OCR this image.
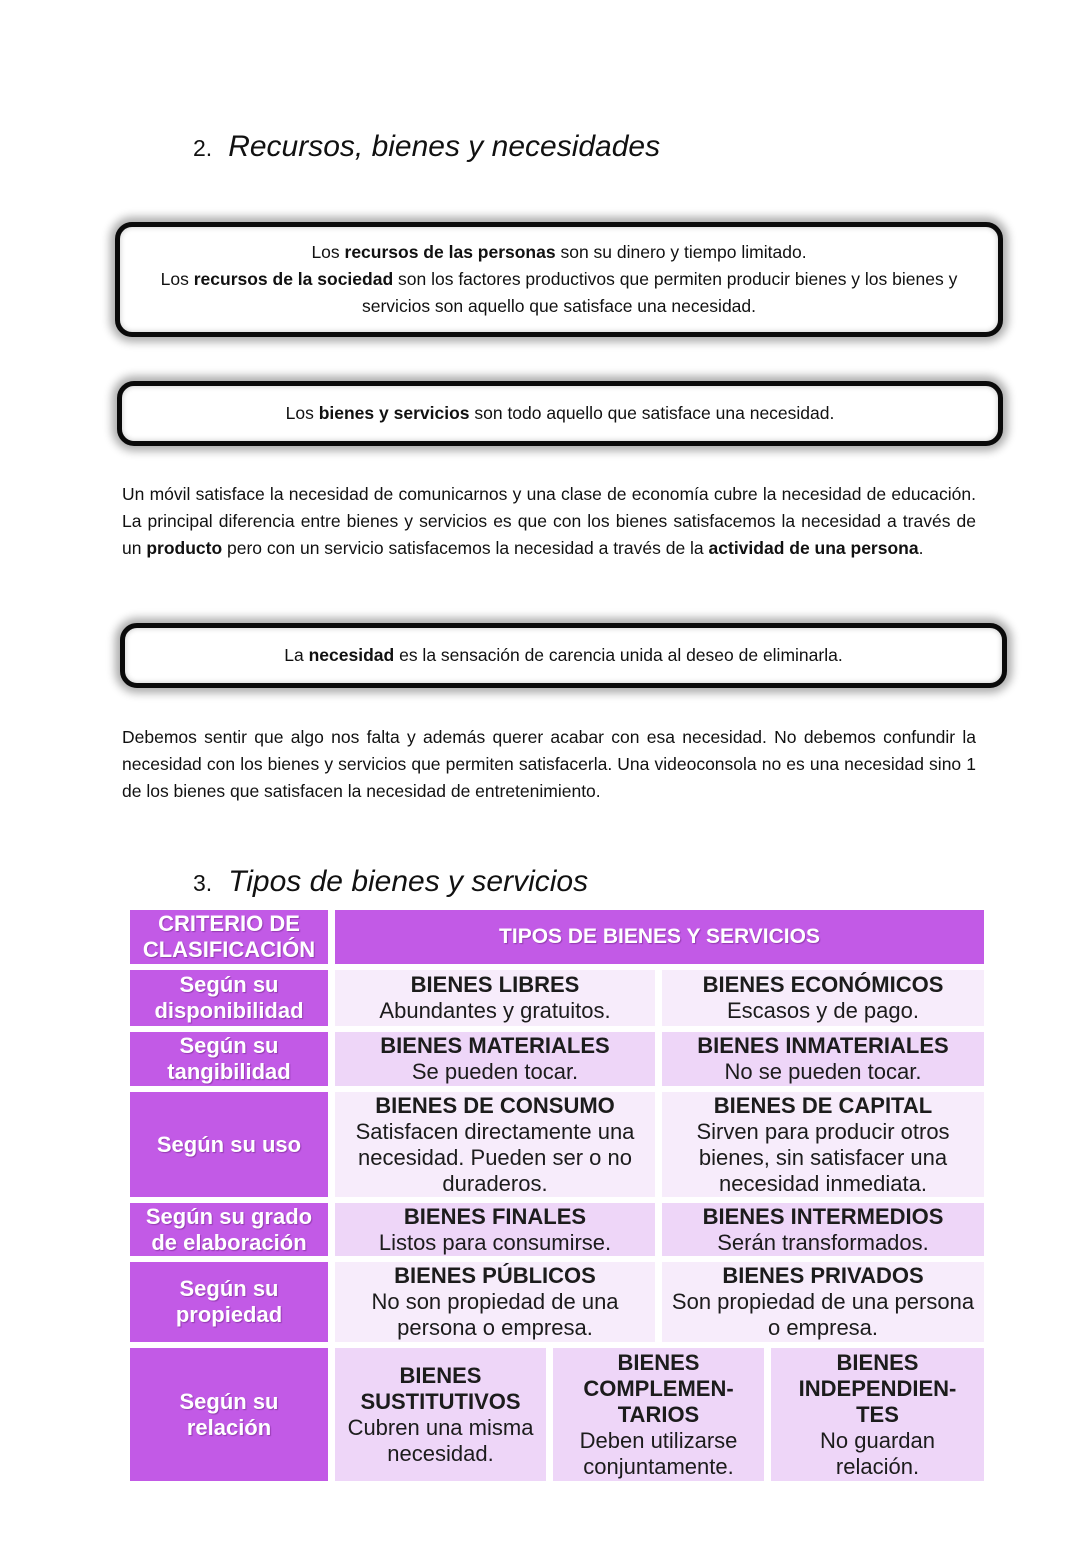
2. Recursos, bienes y necesidades
Los recursos de las personas son su dinero y tiempo limitado.
Los recursos de la sociedad son los factores productivos que permiten producir bienes y los bienes y servicios son aquello que satisface una necesidad.
Los bienes y servicios son todo aquello que satisface una necesidad.

Un móvil satisface la necesidad de comunicarnos y una clase de economía cubre la necesidad de educación. La principal diferencia entre bienes y servicios es que con los bienes satisfacemos la necesidad a través de un producto pero con un servicio satisfacemos la necesidad a través de la actividad de una persona.

La necesidad es la sensación de carencia unida al deseo de eliminarla.

Debemos sentir que algo nos falta y además querer acabar con esa necesidad. No debemos confundir la necesidad con los bienes y servicios que permiten satisfacerla. Una videoconsola no es una necesidad sino 1 de los bienes que satisfacen la necesidad de entretenimiento.

3. Tipos de bienes y servicios
CRITERIO DE CLASIFICACIÓN
TIPOS DE BIENES Y SERVICIOS
Según su disponibilidad
BIENES LIBRES
Abundantes y gratuitos.
BIENES ECONÓMICOS
Escasos y de pago.
Según su tangibilidad
BIENES MATERIALES
Se pueden tocar.
BIENES INMATERIALES
No se pueden tocar.
Según su uso
BIENES DE CONSUMO
Satisfacen directamente una necesidad. Pueden ser o no duraderos.
BIENES DE CAPITAL
Sirven para producir otros bienes, sin satisfacer una necesidad inmediata.
Según su grado de elaboración
BIENES FINALES
Listos para consumirse.
BIENES INTERMEDIOS
Serán transformados.
Según su propiedad
BIENES PÚBLICOS
No son propiedad de una persona o empresa.
BIENES PRIVADOS
Son propiedad de una persona o empresa.
Según su relación
BIENES SUSTITUTIVOS
Cubren una misma necesidad.
BIENES COMPLEMEN-TARIOS
Deben utilizarse conjuntamente.
BIENES INDEPENDIEN-TES
No guardan relación.
